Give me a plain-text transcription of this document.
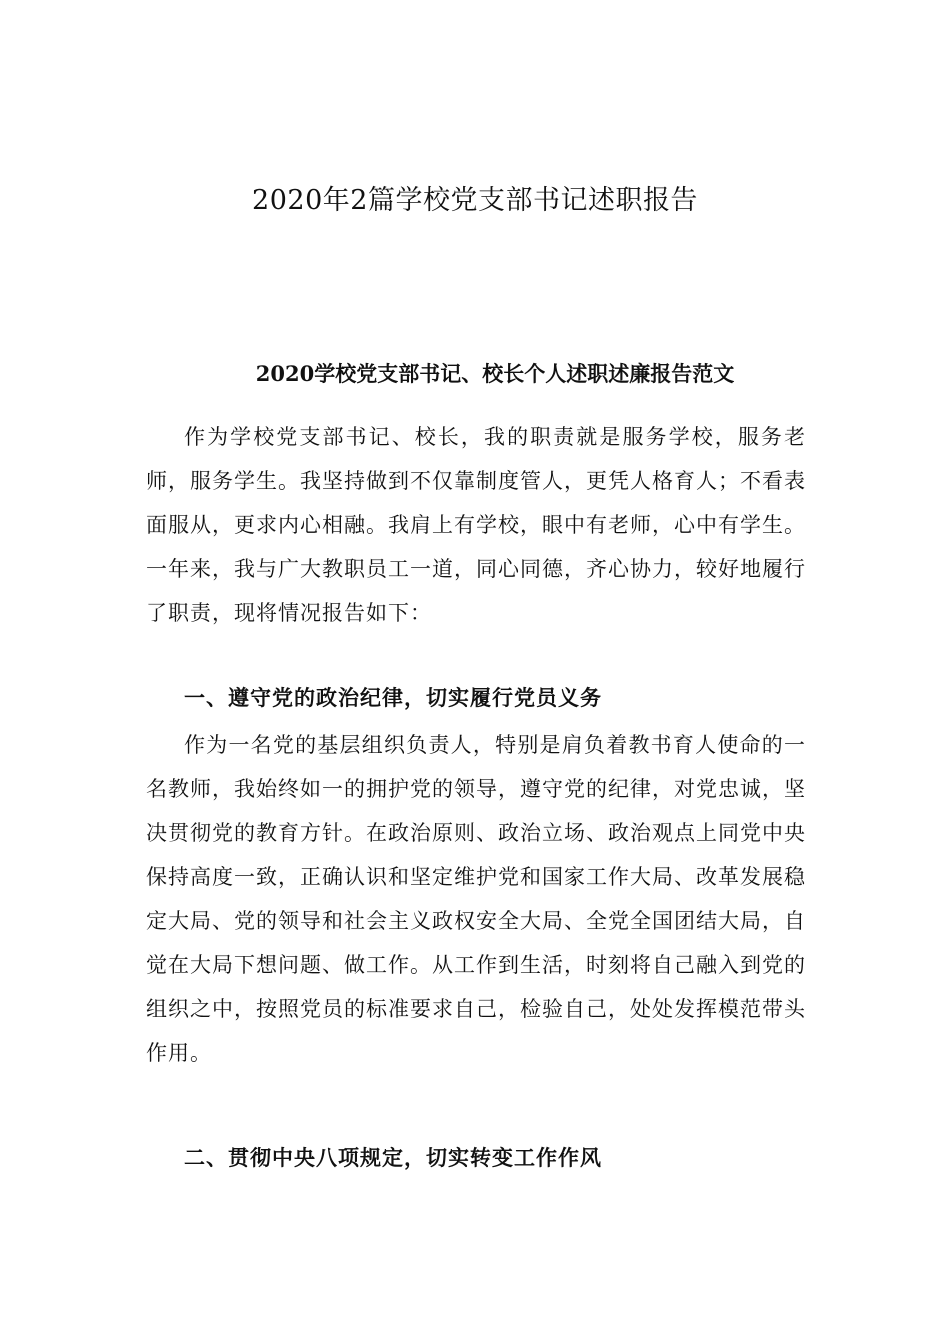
2020年2篇学校党支部书记述职报告
2020学校党支部书记、校长个人述职述廉报告范文

作为学校党支部书记、校长，我的职责就是服务学校，服务老师，服务学生。我坚持做到不仅靠制度管人，更凭人格育人；不看表面服从，更求内心相融。我肩上有学校，眼中有老师，心中有学生。一年来，我与广大教职员工一道，同心同德，齐心协力，较好地履行了职责，现将情况报告如下：

一、遵守党的政治纪律，切实履行党员义务

作为一名党的基层组织负责人，特别是肩负着教书育人使命的一名教师，我始终如一的拥护党的领导，遵守党的纪律，对党忠诚，坚决贯彻党的教育方针。在政治原则、政治立场、政治观点上同党中央保持高度一致，正确认识和坚定维护党和国家工作大局、改革发展稳定大局、党的领导和社会主义政权安全大局、全党全国团结大局，自觉在大局下想问题、做工作。从工作到生活，时刻将自己融入到党的组织之中，按照党员的标准要求自己，检验自己，处处发挥模范带头作用。

二、贯彻中央八项规定，切实转变工作作风
